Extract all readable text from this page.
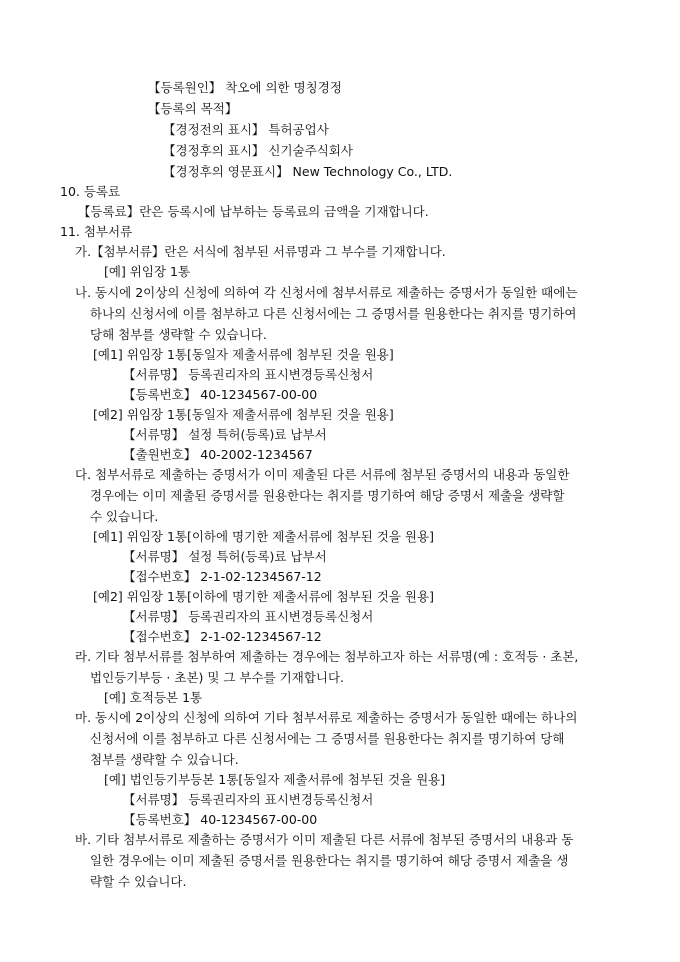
【등록원인】 착오에 의한 명칭경정
【등록의 목적】
【경정전의 표시】 특허공업사
【경정후의 표시】 신기술주식회사
【경정후의 영문표시】 New Technology Co., LTD.
10. 등록료
【등록료】란은 등록시에 납부하는 등록료의 금액을 기재합니다.
11. 첨부서류
가.【첨부서류】란은 서식에 첨부된 서류명과 그 부수를 기재합니다.
[예] 위임장 1통
나. 동시에 2이상의 신청에 의하여 각 신청서에 첨부서류로 제출하는 증명서가 동일한 때에는
하나의 신청서에 이를 첨부하고 다른 신청서에는 그 증명서를 원용한다는 취지를 명기하여
당해 첨부를 생략할 수 있습니다.
[예1] 위임장 1통[동일자 제출서류에 첨부된 것을 원용]
【서류명】 등록권리자의 표시변경등록신청서
【등록번호】 40-1234567-00-00
[예2] 위임장 1통[동일자 제출서류에 첨부된 것을 원용]
【서류명】 설정 특허(등록)료 납부서
【출원번호】 40-2002-1234567
다. 첨부서류로 제출하는 증명서가 이미 제출된 다른 서류에 첨부된 증명서의 내용과 동일한
경우에는 이미 제출된 증명서를 원용한다는 취지를 명기하여 해당 증명서 제출을 생략할
수 있습니다.
[예1] 위임장 1통[이하에 명기한 제출서류에 첨부된 것을 원용]
【서류명】 설정 특허(등록)료 납부서
【접수번호】 2-1-02-1234567-12
[예2] 위임장 1통[이하에 명기한 제출서류에 첨부된 것을 원용]
【서류명】 등록권리자의 표시변경등록신청서
【접수번호】 2-1-02-1234567-12
라. 기타 첨부서류를 첨부하여 제출하는 경우에는 첨부하고자 하는 서류명(예 : 호적등 · 초본,
법인등기부등 · 초본) 및 그 부수를 기재합니다.
[예] 호적등본 1통
마. 동시에 2이상의 신청에 의하여 기타 첨부서류로 제출하는 증명서가 동일한 때에는 하나의
신청서에 이를 첨부하고 다른 신청서에는 그 증명서를 원용한다는 취지를 명기하여 당해
첨부를 생략할 수 있습니다.
[예] 법인등기부등본 1통[동일자 제출서류에 첨부된 것을 원용]
【서류명】 등록권리자의 표시변경등록신청서
【등록번호】 40-1234567-00-00
바. 기타 첨부서류로 제출하는 증명서가 이미 제출된 다른 서류에 첨부된 증명서의 내용과 동
일한 경우에는 이미 제출된 증명서를 원용한다는 취지를 명기하여 해당 증명서 제출을 생
략할 수 있습니다.
